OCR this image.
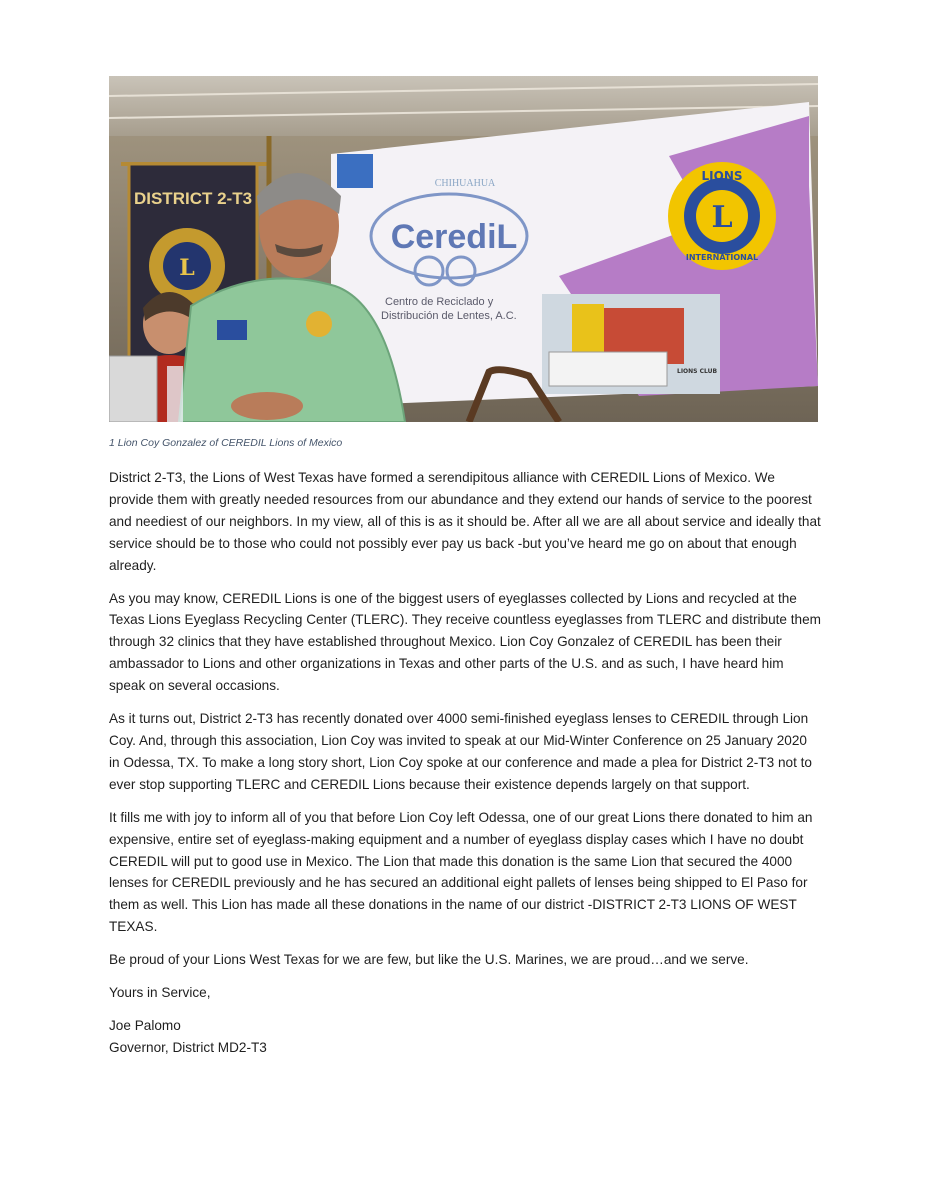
L
LIONS
INTERNATIONAL
CHIHUAHUA
CerediL
Centro de Reciclado y
Distribución de Lentes, A.C.
LIONS CLUB
DISTRICT 2-T3
L
1 Lion Coy Gonzalez of CEREDIL Lions of Mexico

District 2-T3, the Lions of West Texas have formed a serendipitous alliance with CEREDIL Lions of Mexico. We provide them with greatly needed resources from our abundance and they extend our hands of service to the poorest and neediest of our neighbors. In my view, all of this is as it should be. After all we are all about service and ideally that service should be to those who could not possibly ever pay us back -but you’ve heard me go on about that enough already.

As you may know, CEREDIL Lions is one of the biggest users of eyeglasses collected by Lions and recycled at the Texas Lions Eyeglass Recycling Center (TLERC). They receive countless eyeglasses from TLERC and distribute them through 32 clinics that they have established throughout Mexico. Lion Coy Gonzalez of CEREDIL has been their ambassador to Lions and other organizations in Texas and other parts of the U.S. and as such, I have heard him speak on several occasions.

As it turns out, District 2-T3 has recently donated over 4000 semi-finished eyeglass lenses to CEREDIL through Lion Coy. And, through this association, Lion Coy was invited to speak at our Mid-Winter Conference on 25 January 2020 in Odessa, TX. To make a long story short, Lion Coy spoke at our conference and made a plea for District 2-T3 not to ever stop supporting TLERC and CEREDIL Lions because their existence depends largely on that support.

It fills me with joy to inform all of you that before Lion Coy left Odessa, one of our great Lions there donated to him an expensive, entire set of eyeglass-making equipment and a number of eyeglass display cases which I have no doubt CEREDIL will put to good use in Mexico. The Lion that made this donation is the same Lion that secured the 4000 lenses for CEREDIL previously and he has secured an additional eight pallets of lenses being shipped to El Paso for them as well. This Lion has made all these donations in the name of our district -DISTRICT 2-T3 LIONS OF WEST TEXAS.

Be proud of your Lions West Texas for we are few, but like the U.S. Marines, we are proud…and we serve.

Yours in Service,

Joe Palomo

Governor, District MD2-T3
